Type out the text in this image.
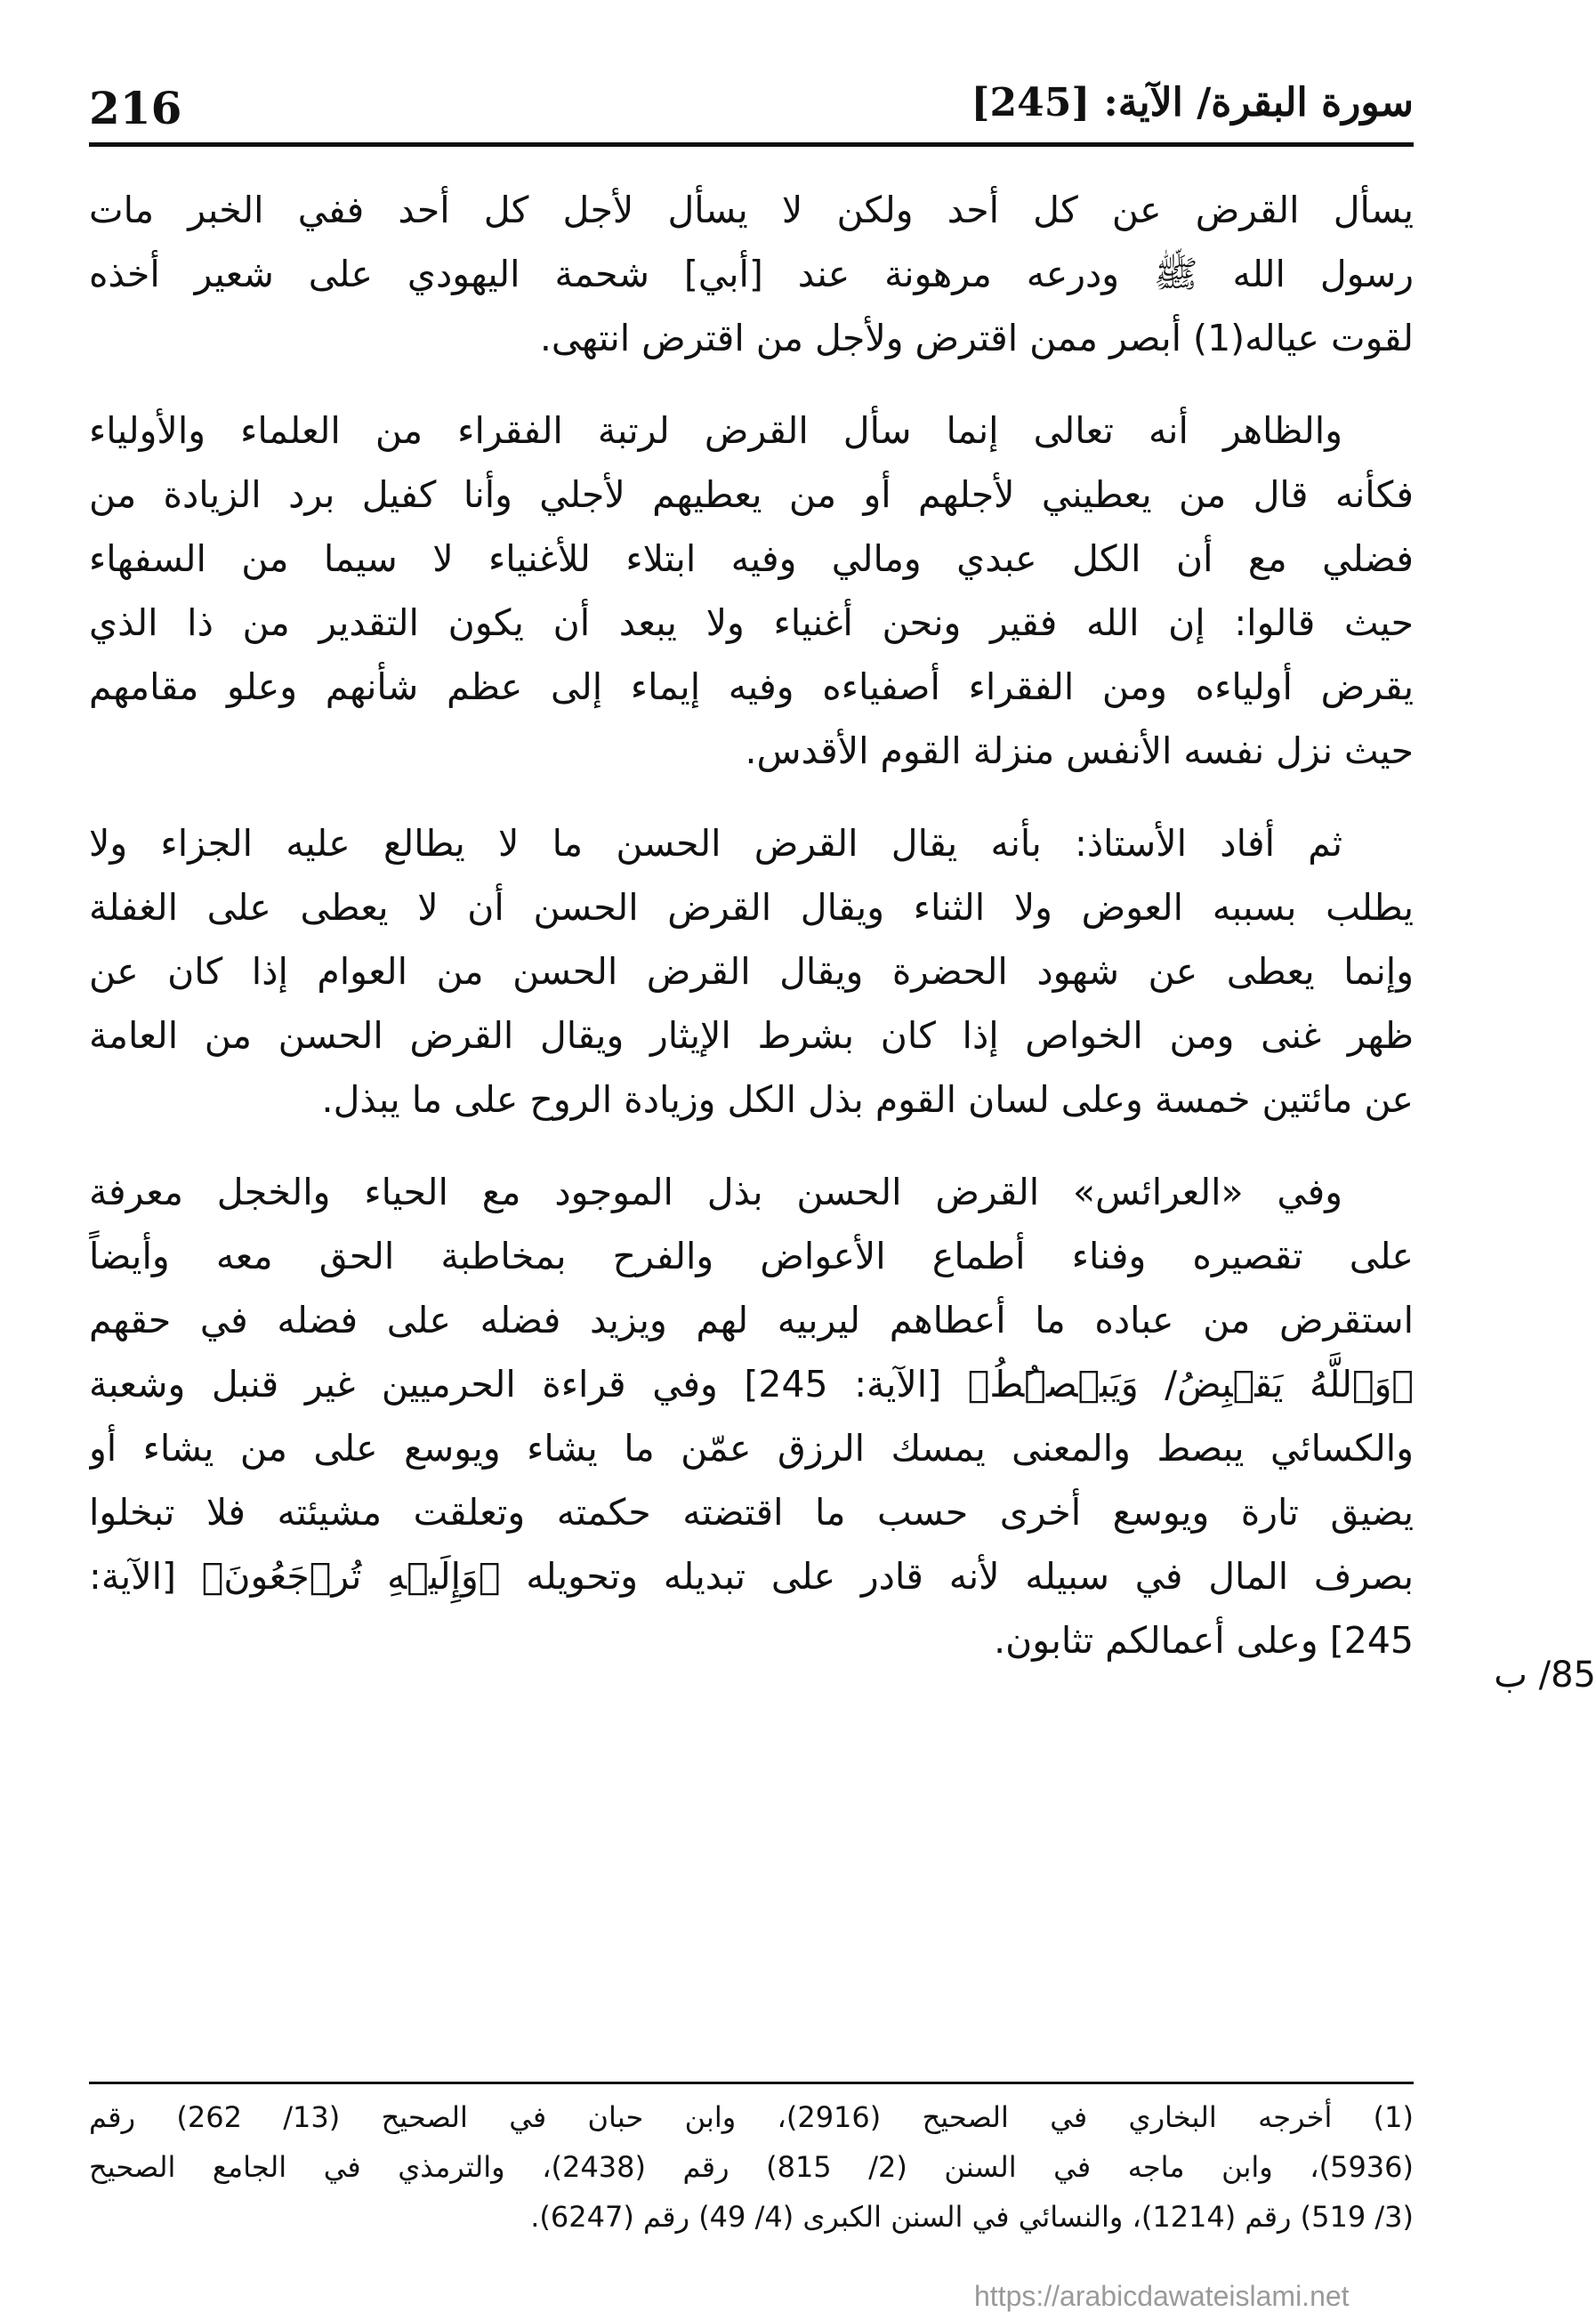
216	سورة البقرة/ الآية: [245]

يسأل القرض عن كل أحد ولكن لا يسأل لأجل كل أحد ففي الخبر مات
رسول الله ﷺ ودرعه مرهونة عند [أبي] شحمة اليهودي على شعير أخذه
لقوت عياله(1) أبصر ممن اقترض ولأجل من اقترض انتهى.

والظاهر أنه تعالى إنما سأل القرض لرتبة الفقراء من العلماء والأولياء
فكأنه قال من يعطيني لأجلهم أو من يعطيهم لأجلي وأنا كفيل برد الزيادة من
فضلي مع أن الكل عبدي ومالي وفيه ابتلاء للأغنياء لا سيما من السفهاء
حيث قالوا: إن الله فقير ونحن أغنياء ولا يبعد أن يكون التقدير من ذا الذي
يقرض أولياءه ومن الفقراء أصفياءه وفيه إيماء إلى عظم شأنهم وعلو مقامهم
حيث نزل نفسه الأنفس منزلة القوم الأقدس.

ثم أفاد الأستاذ: بأنه يقال القرض الحسن ما لا يطالع عليه الجزاء ولا
يطلب بسببه العوض ولا الثناء ويقال القرض الحسن أن لا يعطى على الغفلة
وإنما يعطى عن شهود الحضرة ويقال القرض الحسن من العوام إذا كان عن
ظهر غنى ومن الخواص إذا كان بشرط الإيثار ويقال القرض الحسن من العامة
عن مائتين خمسة وعلى لسان القوم بذل الكل وزيادة الروح على ما يبذل.

وفي «العرائس» القرض الحسن بذل الموجود مع الحياء والخجل معرفة
على تقصيره وفناء أطماع الأعواض والفرح بمخاطبة الحق معه وأيضاً
استقرض من عباده ما أعطاهم ليربيه لهم ويزيد فضله على فضله في حقهم
﴿وَٱللَّهُ يَقۡبِضُ/ وَيَبۡصُۜطُ﴾ [الآية: 245] وفي قراءة الحرميين غير قنبل وشعبة
والكسائي يبصط والمعنى يمسك الرزق عمّن ما يشاء ويوسع على من يشاء أو
يضيق تارة ويوسع أخرى حسب ما اقتضته حكمته وتعلقت مشيئته فلا تبخلوا
بصرف المال في سبيله لأنه قادر على تبديله وتحويله ﴿وَإِلَيۡهِ تُرۡجَعُونَ﴾ [الآية:
245] وعلى أعمالكم تثابون.

85/ ب
(1) أخرجه البخاري في الصحيح (2916)، وابن حبان في الصحيح (13/ 262) رقم
(5936)، وابن ماجه في السنن (2/ 815) رقم (2438)، والترمذي في الجامع الصحيح
(3/ 519) رقم (1214)، والنسائي في السنن الكبرى (4/ 49) رقم (6247).
https://arabicdawateislami.net
